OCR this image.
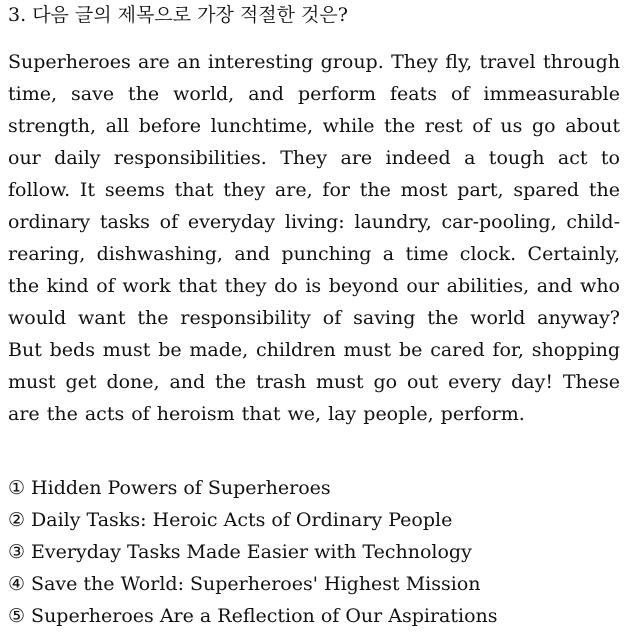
3. 다음 글의 제목으로 가장 적절한 것은?
Superheroes are an interesting group. They fly, travel through time, save the world, and perform feats of immeasurable strength, all before lunchtime, while the rest of us go about our daily responsibilities. They are indeed a tough act to follow. It seems that they are, for the most part, spared the ordinary tasks of everyday living: laundry, car-pooling, child-rearing, dishwashing, and punching a time clock. Certainly, the kind of work that they do is beyond our abilities, and who would want the responsibility of saving the world anyway? But beds must be made, children must be cared for, shopping must get done, and the trash must go out every day! These are the acts of heroism that we, lay people, perform.
① Hidden Powers of Superheroes
② Daily Tasks: Heroic Acts of Ordinary People
③ Everyday Tasks Made Easier with Technology
④ Save the World: Superheroes' Highest Mission
⑤ Superheroes Are a Reflection of Our Aspirations
